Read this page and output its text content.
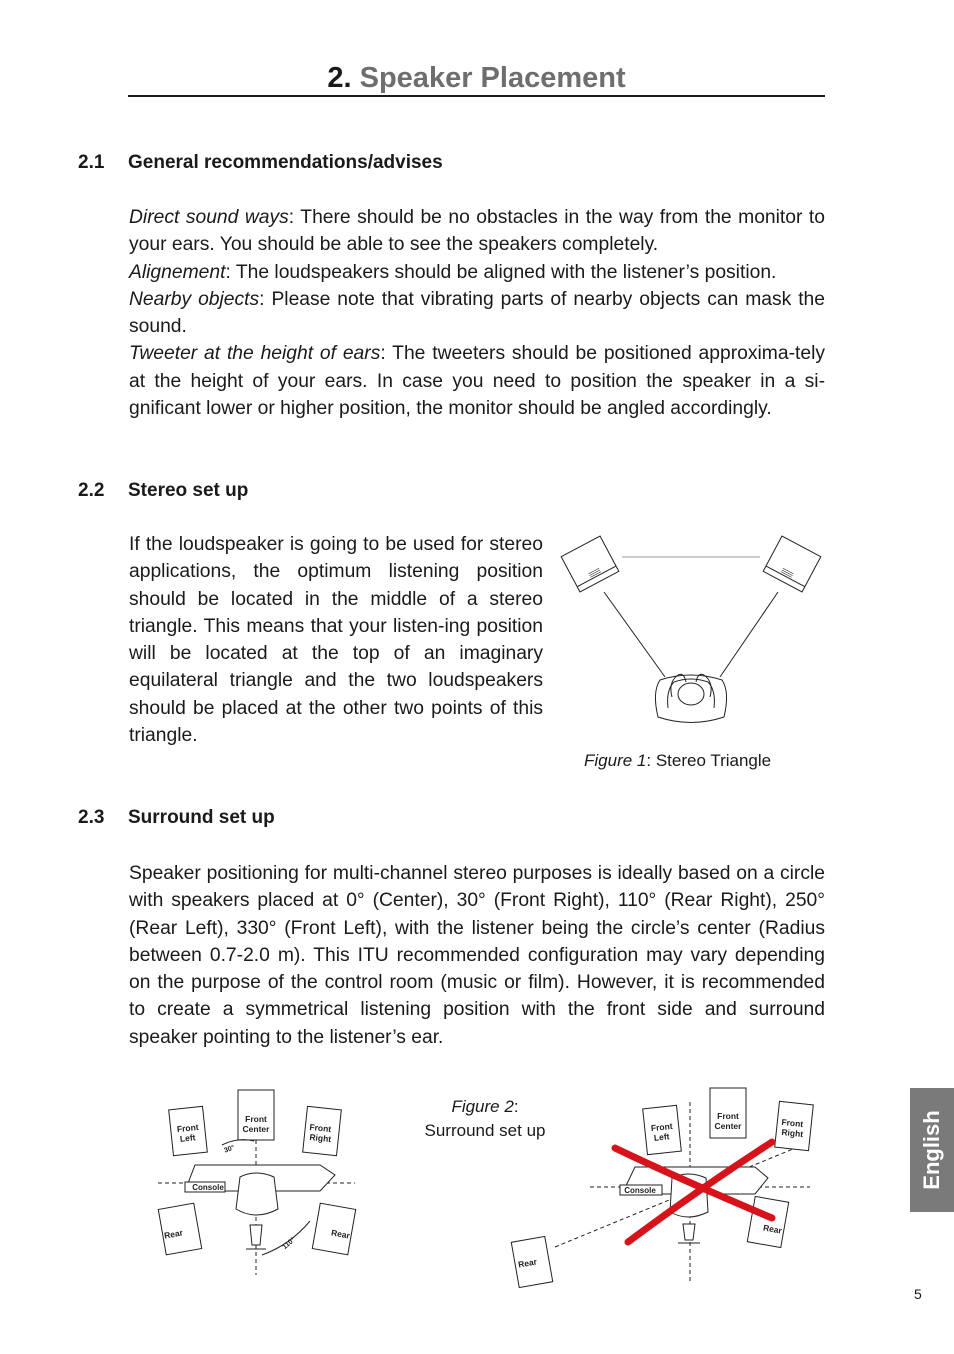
2. Speaker Placement
2.1 General recommendations/advises

Direct sound ways: There should be no obstacles in the way from the monitor to your ears. You should be able to see the speakers completely.

Alignement: The loudspeakers should be aligned with the listener’s position.

Nearby objects: Please note that vibrating parts of nearby objects can mask the sound.

Tweeter at the height of ears: The tweeters should be positioned approxima-tely at the height of your ears. In case you need to position the speaker in a si-gnificant lower or higher position, the monitor should be angled accordingly.

2.2 Stereo set up
If the loudspeaker is going to be used for stereo applications, the optimum listening position should be located in the middle of a stereo triangle. This means that your listen-ing position will be located at the top of an imaginary equilateral triangle and the two loudspeakers should be placed at the other two points of this triangle.
Figure 1: Stereo Triangle
2.3 Surround set up
Speaker positioning for multi-channel stereo purposes is ideally based on a circle with speakers placed at 0° (Center), 30° (Front Right), 110° (Rear Right), 250° (Rear Left), 330° (Front Left), with the listener being the circle’s center (Radius between 0.7-2.0 m). This ITU recommended configuration may vary depending on the purpose of the control room (music or film). However, it is recommended to create a symmetrical listening position with the front side and surround speaker pointing to the listener’s ear.
Front
Left
Front
Center	Front
Right
Rear	Rear
Console
30°
110°
Figure 2:
Surround set up	Front
Left
Front
Center	Front
Right
Rear
Rear
Console
English
5
